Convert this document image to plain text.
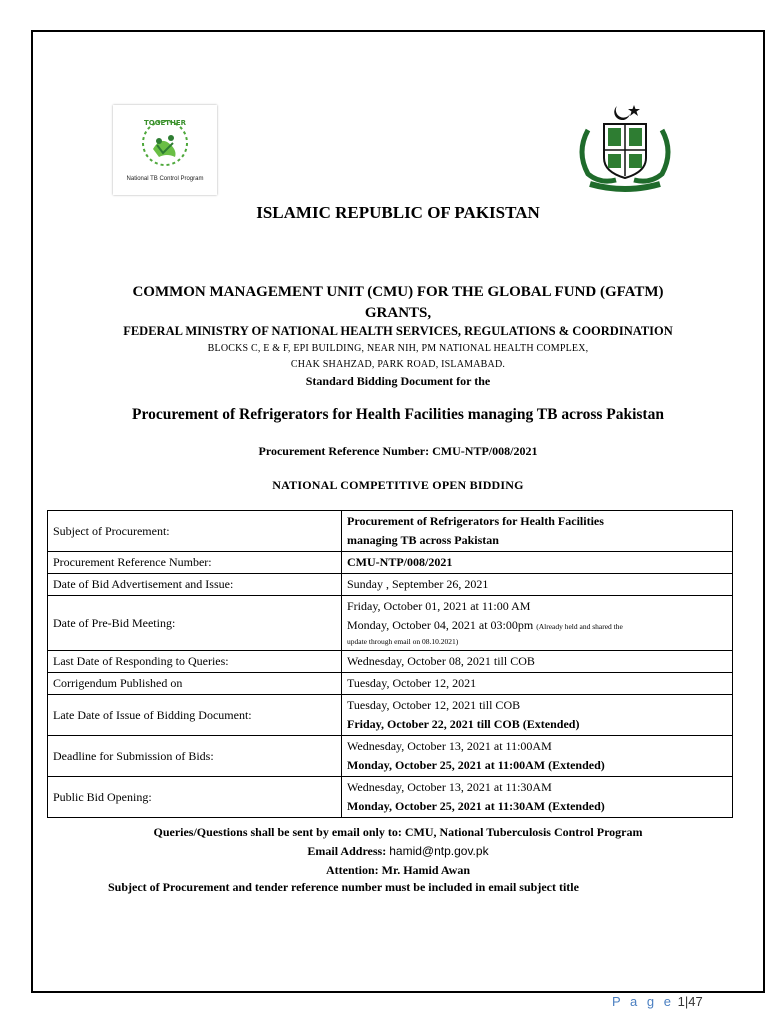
TOGETHER
National TB Control Program
ISLAMIC REPUBLIC OF PAKISTAN
COMMON MANAGEMENT UNIT (CMU) FOR THE GLOBAL FUND (GFATM)
GRANTS,
FEDERAL MINISTRY OF NATIONAL HEALTH SERVICES, REGULATIONS & COORDINATION
BLOCKS C, E & F, EPI BUILDING, NEAR NIH, PM NATIONAL HEALTH COMPLEX,
CHAK SHAHZAD, PARK ROAD, ISLAMABAD.
Standard Bidding Document for the
Procurement of Refrigerators for Health Facilities managing TB across Pakistan
Procurement Reference Number: CMU-NTP/008/2021
NATIONAL COMPETITIVE OPEN BIDDING
Subject of Procurement:	Procurement of Refrigerators for Health Facilities
managing TB across Pakistan

Procurement Reference Number:	CMU-NTP/008/2021
Date of Bid Advertisement and Issue:	Sunday , September 26, 2021
Date of Pre-Bid Meeting:	Friday, October 01, 2021 at 11:00 AM
Monday, October 04, 2021 at 03:00pm (Already held and shared the
update through email on 08.10.2021)

Last Date of Responding to Queries:	Wednesday, October 08, 2021 till COB
Corrigendum Published on	Tuesday, October 12, 2021
Late Date of Issue of Bidding Document:	Tuesday, October 12, 2021 till COB
Friday, October 22, 2021 till COB (Extended)

Deadline for Submission of Bids:	Wednesday, October 13, 2021 at 11:00AM
Monday, October 25, 2021 at 11:00AM (Extended)

Public Bid Opening:	Wednesday, October 13, 2021 at 11:30AM
Monday, October 25, 2021 at 11:30AM (Extended)
Queries/Questions shall be sent by email only to: CMU, National Tuberculosis Control Program
Email Address: hamid@ntp.gov.pk
Attention: Mr. Hamid Awan
Subject of Procurement and tender reference number must be included in email subject title
P a g e 1|47
